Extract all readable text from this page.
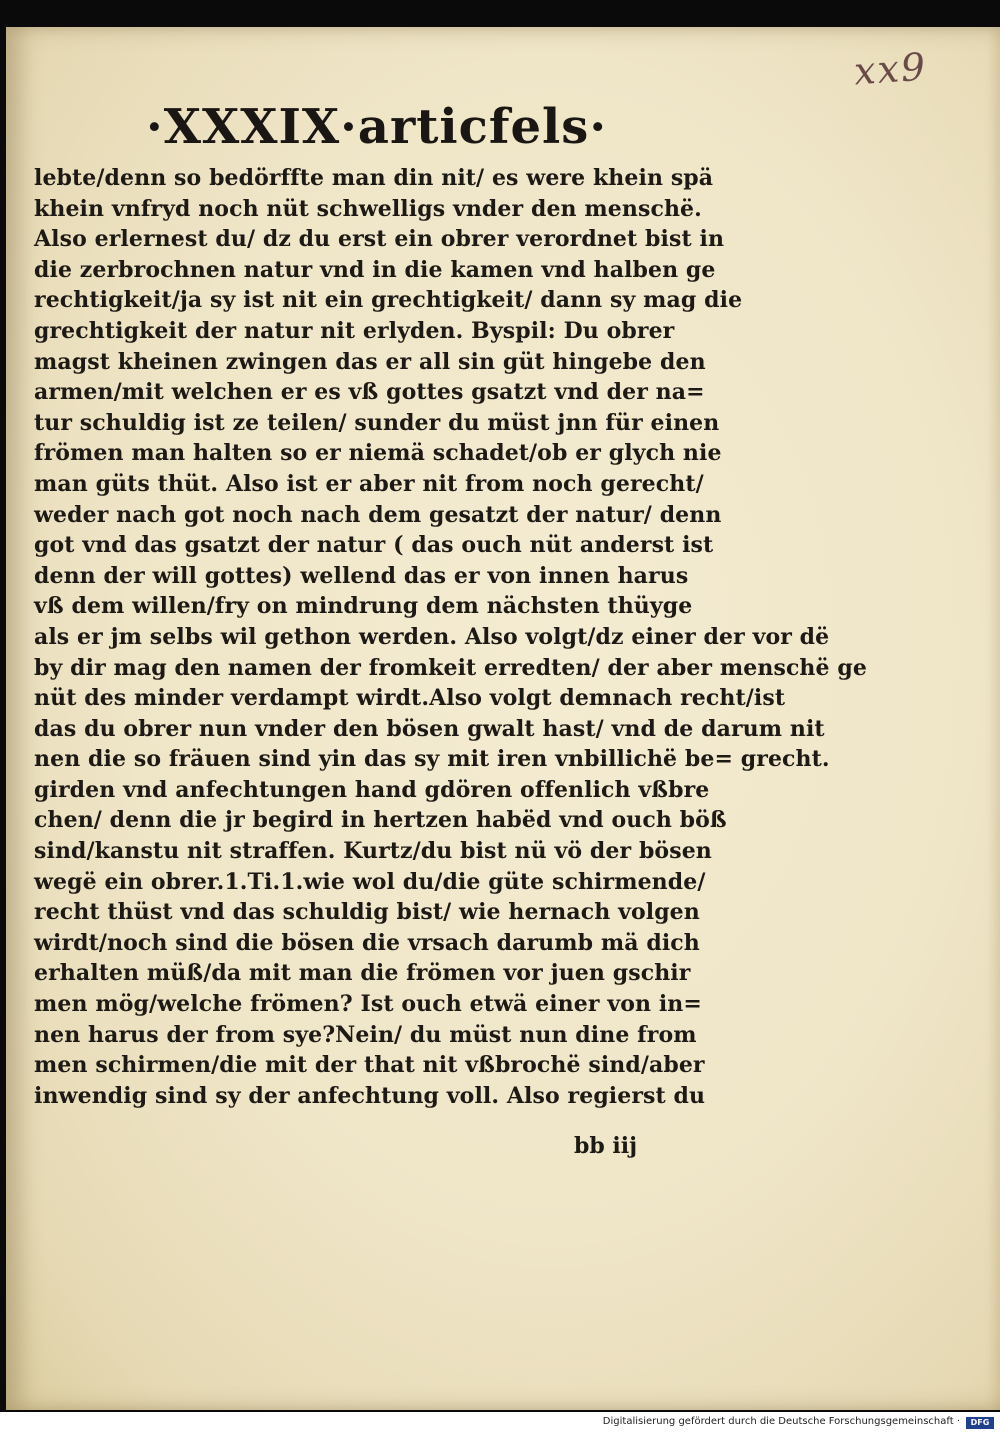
xx9
·XXXIX·articfels·
lebte/denn so bedörffte man din nit/ es were khein spä
khein vnfryd noch nüt schwelligs vnder den menschë.
Also erlernest du/ dz du erst ein obrer verordnet bist in
die zerbrochnen natur vnd in die kamen vnd halben ge
rechtigkeit/ja sy ist nit ein grechtigkeit/ dann sy mag die
grechtigkeit der natur nit erlyden. Byspil: Du obrer
magst kheinen zwingen das er all sin güt hingebe den
armen/mit welchen er es vß gottes gsatzt vnd der na=
tur schuldig ist ze teilen/ sunder du müst jnn für einen
frömen man halten so er niemä schadet/ob er glych nie
man güts thüt. Also ist er aber nit from noch gerecht/
weder nach got noch nach dem gesatzt der natur/ denn
got vnd das gsatzt der natur ( das ouch nüt anderst ist
denn der will gottes) wellend das er von innen harus
vß dem willen/fry on mindrung dem nächsten thüyge
als er jm selbs wil gethon werden. Also volgt/dz einer der vor dë
by dir mag den namen der fromkeit erredten/ der aber menschë ge
nüt des minder verdampt wirdt.Also volgt demnach recht/ist
das du obrer nun vnder den bösen gwalt hast/ vnd de darum nit
nen die so fräuen sind yin das sy mit iren vnbillichë be= grecht.
girden vnd anfechtungen hand gdören offenlich vßbre
chen/ denn die jr begird in hertzen habëd vnd ouch böß
sind/kanstu nit straffen. Kurtz/du bist nü vö der bösen
wegë ein obrer.1.Ti.1.wie wol du/die güte schirmende/
recht thüst vnd das schuldig bist/ wie hernach volgen
wirdt/noch sind die bösen die vrsach darumb mä dich
erhalten müß/da mit man die frömen vor juen gschir
men mög/welche frömen? Ist ouch etwä einer von in=
nen harus der from sye?Nein/ du müst nun dine from
men schirmen/die mit der that nit vßbrochë sind/aber
inwendig sind sy der anfechtung voll. Also regierst du
bb iij
Digitalisierung gefördert durch die Deutsche Forschungsgemeinschaft ·	DFG
